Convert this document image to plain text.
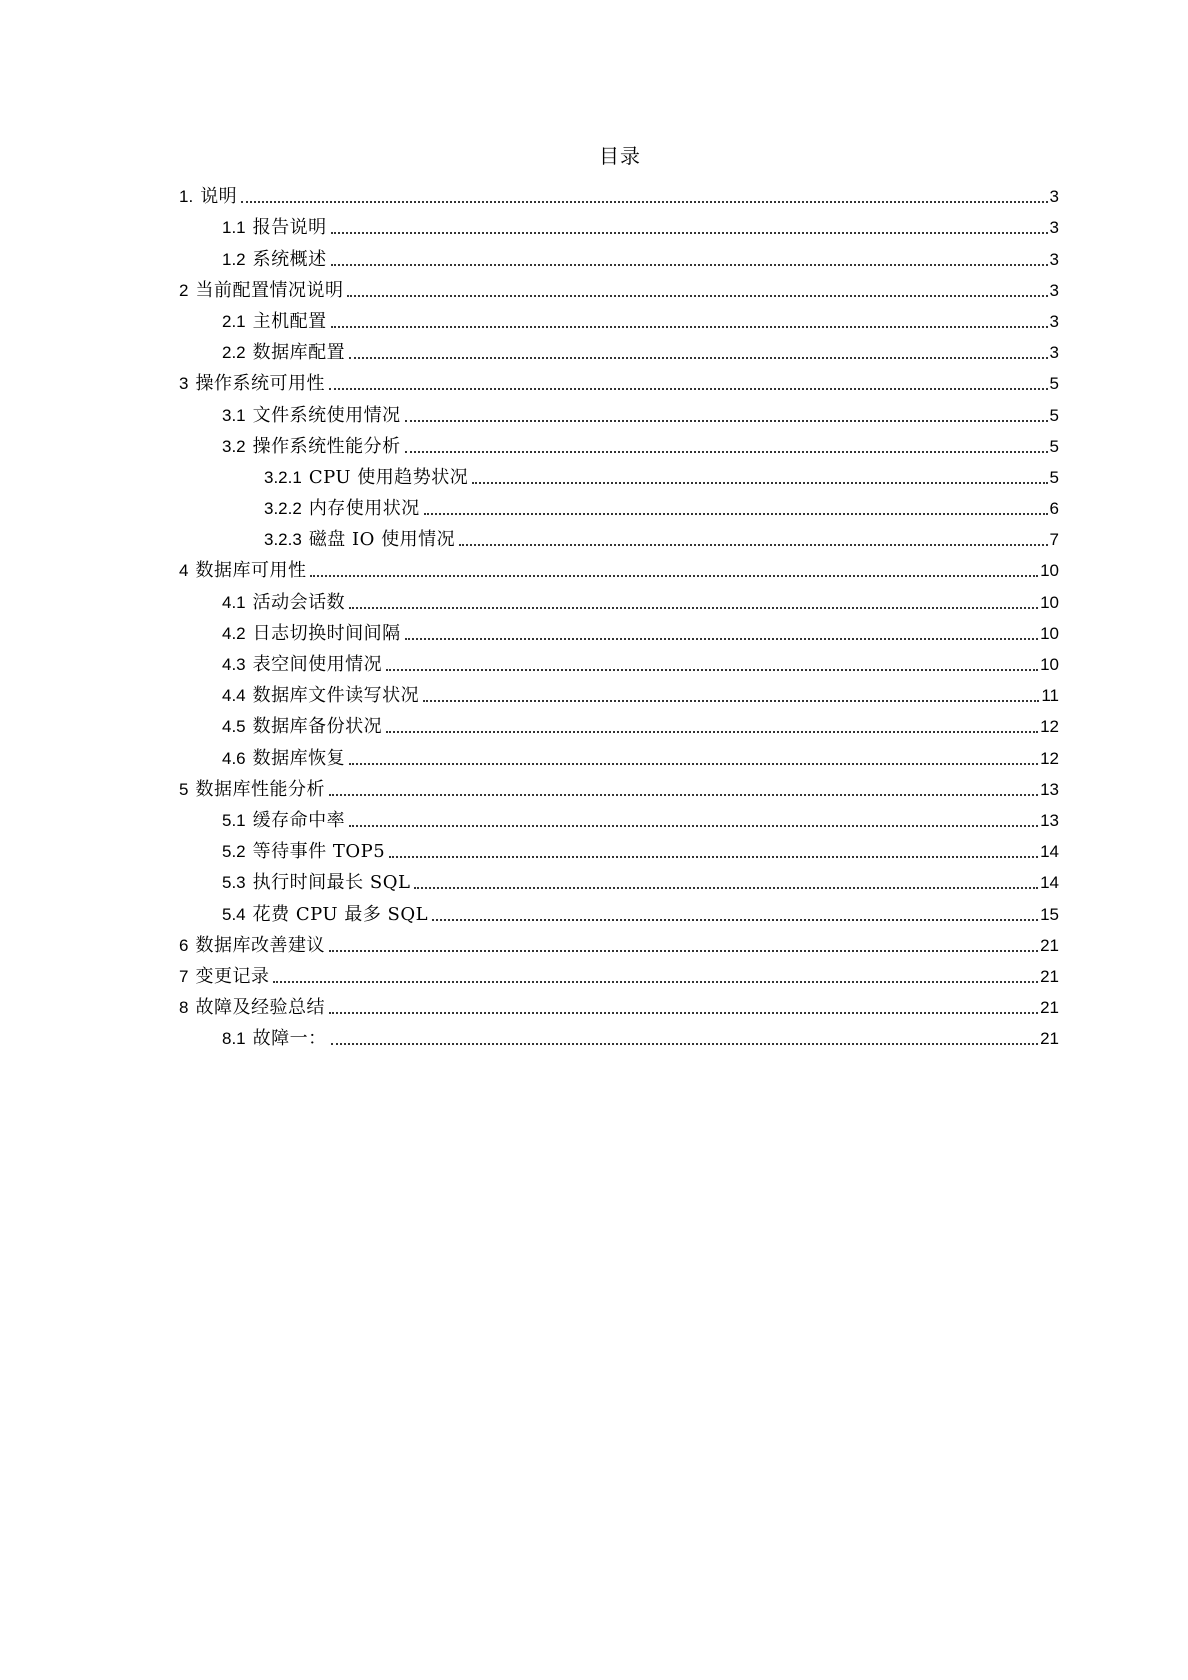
目录
1. 说明	3
1.1 报告说明	3
1.2 系统概述	3
2 当前配置情况说明	3
2.1 主机配置	3
2.2 数据库配置	3
3 操作系统可用性	5
3.1 文件系统使用情况	5
3.2 操作系统性能分析	5
3.2.1 CPU 使用趋势状况	5
3.2.2 内存使用状况	6
3.2.3 磁盘 IO 使用情况	7
4 数据库可用性	10
4.1 活动会话数	10
4.2 日志切换时间间隔	10
4.3 表空间使用情况	10
4.4 数据库文件读写状况	11
4.5 数据库备份状况	12
4.6 数据库恢复	12
5 数据库性能分析	13
5.1 缓存命中率	13
5.2 等待事件 TOP5	14
5.3 执行时间最长 SQL	14
5.4 花费 CPU 最多 SQL	15
6 数据库改善建议	21
7 变更记录	21
8 故障及经验总结	21
8.1 故障一：	21
